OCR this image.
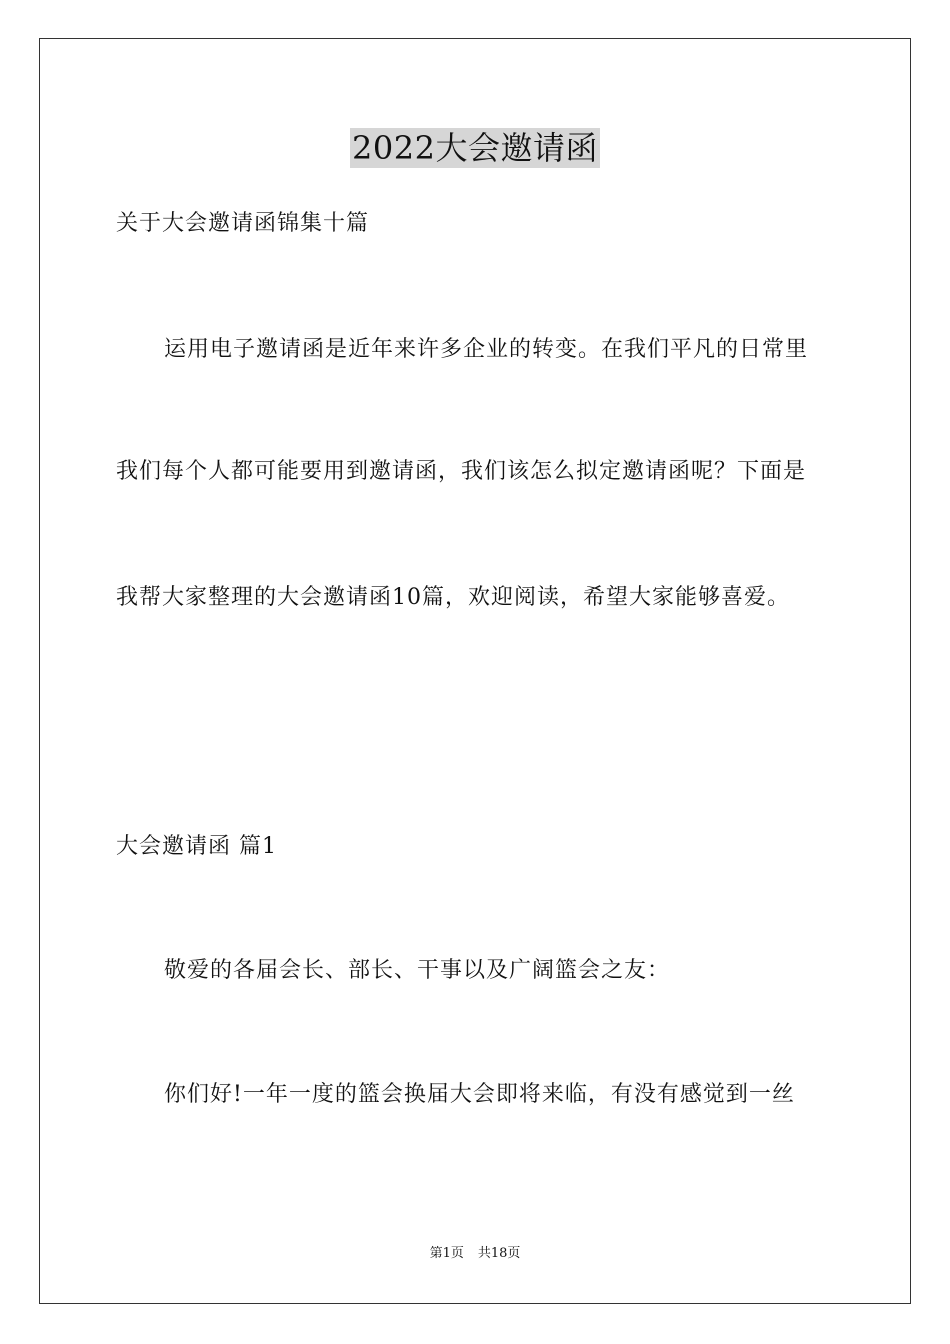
2022大会邀请函
关于大会邀请函锦集十篇
运用电子邀请函是近年来许多企业的转变。在我们平凡的日常里
我们每个人都可能要用到邀请函，我们该怎么拟定邀请函呢？下面是
我帮大家整理的大会邀请函10篇，欢迎阅读，希望大家能够喜爱。
大会邀请函 篇1
敬爱的各届会长、部长、干事以及广阔篮会之友：
你们好!一年一度的篮会换届大会即将来临，有没有感觉到一丝
第1页 共18页
